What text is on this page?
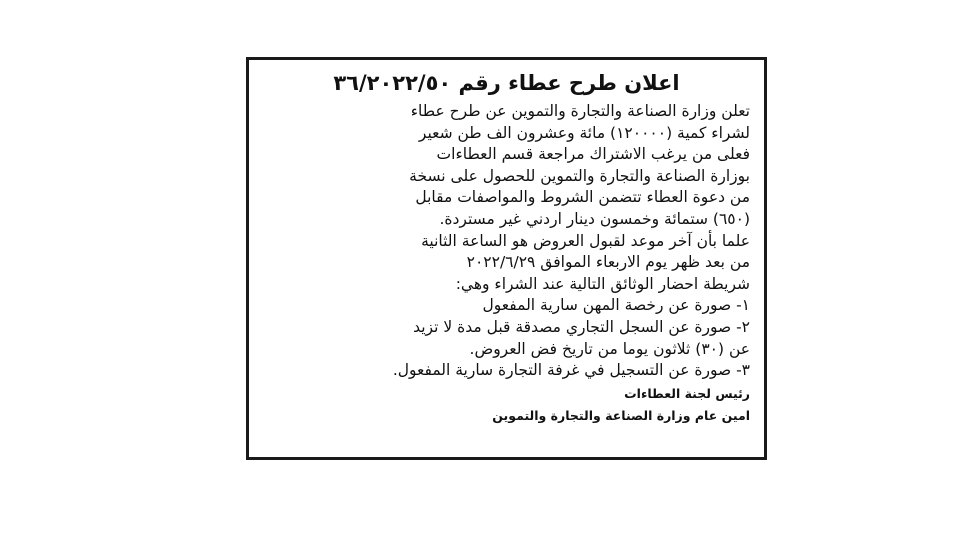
اعلان طرح عطاء رقم ٣٦/٢٠٢٢/٥٠
تعلن وزارة الصناعة والتجارة والتموين عن طرح عطاء
لشراء كمية (١٢٠٠٠٠) مائة وعشرون الف طن شعير
فعلى من يرغب الاشتراك مراجعة قسم العطاءات
بوزارة الصناعة والتجارة والتموين للحصول على نسخة
من دعوة العطاء تتضمن الشروط والمواصفات مقابل
(٦٥٠) ستمائة وخمسون دينار اردني غير مستردة.
علما بأن آخر موعد لقبول العروض هو الساعة الثانية
من بعد ظهر يوم الاربعاء الموافق ٢٠٢٢/٦/٢٩
شريطة احضار الوثائق التالية عند الشراء وهي:
١- صورة عن رخصة المهن سارية المفعول
٢- صورة عن السجل التجاري مصدقة قبل مدة لا تزيد
عن (٣٠) ثلاثون يوما من تاريخ فض العروض.
٣- صورة عن التسجيل في غرفة التجارة سارية المفعول.
رئيس لجنة العطاءات
امين عام وزارة الصناعة والتجارة والتموين
